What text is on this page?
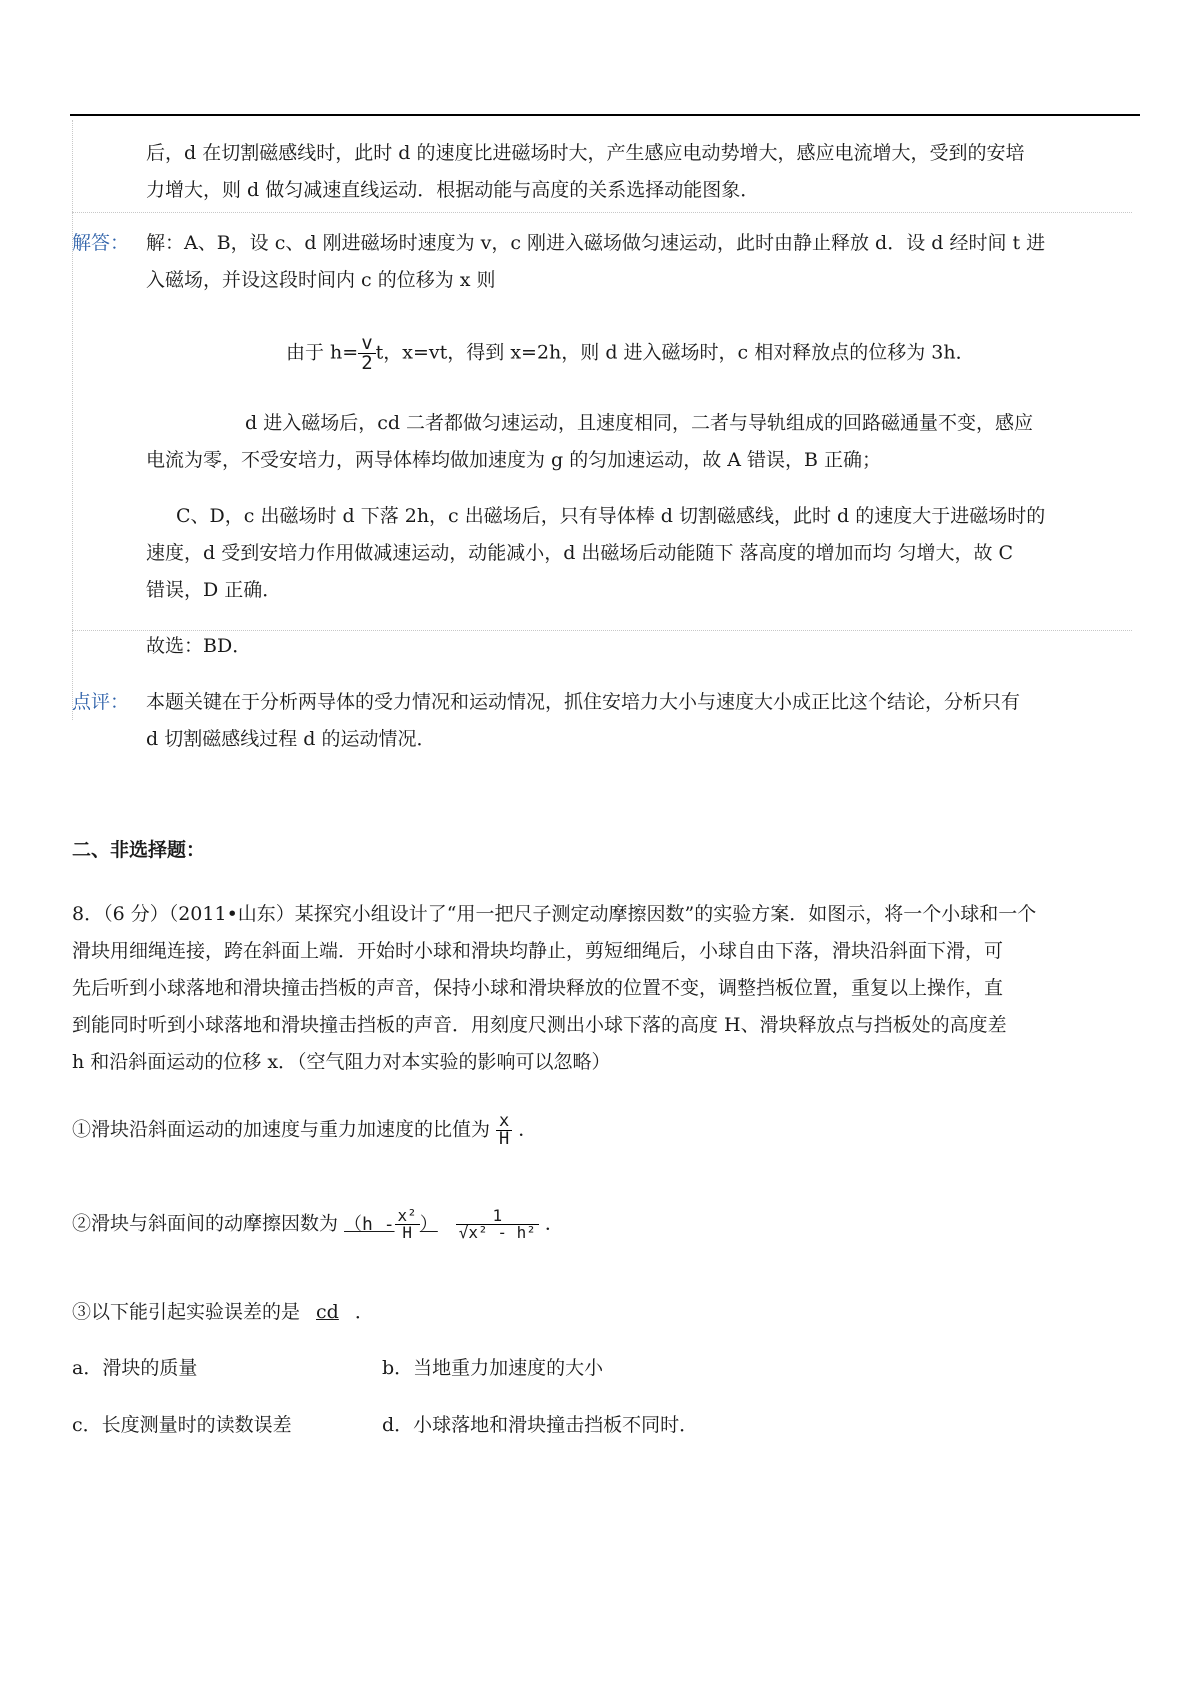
后，d 在切割磁感线时，此时 d 的速度比进磁场时大，产生感应电动势增大，感应电流增大，受到的安培
力增大，则 d 做匀减速直线运动．根据动能与高度的关系选择动能图象．
解答： 解：A、B，设 c、d 刚进磁场时速度为 v，c 刚进入磁场做匀速运动，此时由静止释放 d．设 d 经时间 t 进
入磁场，并设这段时间内 c 的位移为 x 则
由于 $h= \frac{v}{2}$ t，x=vt，得到 x=2h，则 d 进入磁场时，c 相对释放点的位移为 3h．
d 进入磁场后，cd 二者都做匀速运动，且速度相同，二者与导轨组成的回路磁通量不变，感应
电流为零，不受安培力，两导体棒均做加速度为 g 的匀加速运动，故 A 错误，B 正确；
C、D，c 出磁场时 d 下落 2h，c 出磁场后，只有导体棒 d 切割磁感线，此时 d 的速度大于进磁场时的
速度，d 受到安培力作用做减速运动，动能减小，d 出磁场后动能随下 落高度的增加而均 匀增大，故 C
错误，D 正确．
故选：BD．
点评： 本题关键在于分析两导体的受力情况和运动情况，抓住安培力大小与速度大小成正比这个结论，分析只有
d 切割磁感线过程 d 的运动情况．
二、非选择题：
8．（6 分）（2011•山东）某探究小组设计了“用一把尺子测定动摩擦因数”的实验方案．如图示，将一个小球和一个
滑块用细绳连接，跨在斜面上端．开始时小球和滑块均静止，剪短细绳后，小球自由下落，滑块沿斜面下滑，可
先后听到小球落地和滑块撞击挡板的声音，保持小球和滑块释放的位置不变，调整挡板位置，重复以上操作，直
到能同时听到小球落地和滑块撞击挡板的声音．用刻度尺测出小球下落的高度 H、滑块释放点与挡板处的高度差
h 和沿斜面运动的位移 x．（空气阻力对本实验的影响可以忽略）
①滑块沿斜面运动的加速度与重力加速度的比值为 $\frac{x}{H}$ ．
②滑块与斜面间的动摩擦因数为 （$h - \frac{\text{x²}}{H}$ ） $\frac{1}{\text{√x² - h²}}$ ．
③以下能引起实验误差的是 cd ．
a．滑块的质量	b．当地重力加速度的大小
c．长度测量时的读数误差	d．小球落地和滑块撞击挡板不同时．
